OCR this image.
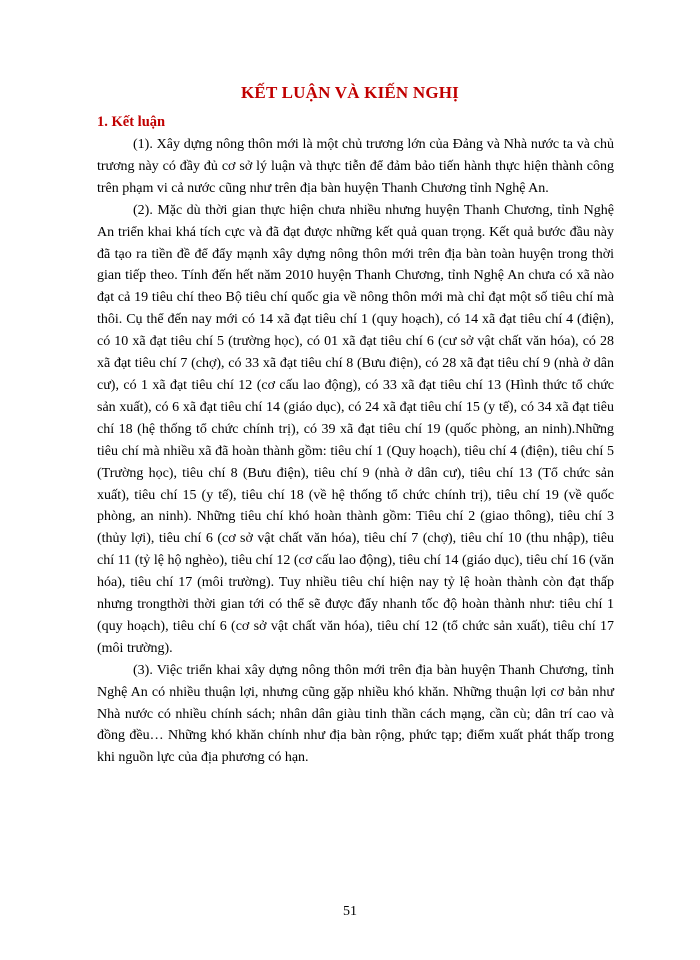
KẾT LUẬN VÀ KIẾN NGHỊ
1. Kết luận

(1). Xây dựng nông thôn mới là một chủ trương lớn của Đảng và Nhà nước ta và chủ trương này có đầy đủ cơ sở lý luận và thực tiễn để đảm bảo tiến hành thực hiện thành công trên phạm vi cả nước cũng như trên địa bàn huyện Thanh Chương tỉnh Nghệ An.

(2). Mặc dù thời gian thực hiện chưa nhiều nhưng huyện Thanh Chương, tỉnh Nghệ An triển khai khá tích cực và đã đạt được những kết quả quan trọng. Kết quả bước đầu này đã tạo ra tiền đề để đẩy mạnh xây dựng nông thôn mới trên địa bàn toàn huyện trong thời gian tiếp theo. Tính đến hết năm 2010 huyện Thanh Chương, tỉnh Nghệ An chưa có xã nào đạt cả 19 tiêu chí theo Bộ tiêu chí quốc gia về nông thôn mới mà chỉ đạt một số tiêu chí mà thôi. Cụ thể đến nay mới có 14 xã đạt tiêu chí 1 (quy hoạch), có 14 xã đạt tiêu chí 4 (điện), có 10 xã đạt tiêu chí 5 (trường học), có 01 xã đạt tiêu chí 6 (cư sở vật chất văn hóa), có 28 xã đạt tiêu chí 7 (chợ), có 33 xã đạt tiêu chí 8 (Bưu điện), có 28 xã đạt tiêu chí 9 (nhà ở dân cư), có 1 xã đạt tiêu chí 12 (cơ cấu lao động), có 33 xã đạt tiêu chí 13 (Hình thức tổ chức sản xuất), có 6 xã đạt tiêu chí 14 (giáo dục), có 24 xã đạt tiêu chí 15 (y tế), có 34 xã đạt tiêu chí 18 (hệ thống tổ chức chính trị), có 39 xã đạt tiêu chí 19 (quốc phòng, an ninh).Những tiêu chí mà nhiều xã đã hoàn thành gồm: tiêu chí 1 (Quy hoạch), tiêu chí 4 (điện), tiêu chí 5 (Trường học), tiêu chí 8 (Bưu điện), tiêu chí 9 (nhà ở dân cư), tiêu chí 13 (Tổ chức sản xuất), tiêu chí 15 (y tế), tiêu chí 18 (về hệ thống tổ chức chính trị), tiêu chí 19 (về quốc phòng, an ninh). Những tiêu chí khó hoàn thành gồm: Tiêu chí 2 (giao thông), tiêu chí 3 (thủy lợi), tiêu chí 6 (cơ sở vật chất văn hóa), tiêu chí 7 (chợ), tiêu chí 10 (thu nhập), tiêu chí 11 (tỷ lệ hộ nghèo), tiêu chí 12 (cơ cấu lao động), tiêu chí 14 (giáo dục), tiêu chí 16 (văn hóa), tiêu chí 17 (môi trường). Tuy nhiều tiêu chí hiện nay tỷ lệ hoàn thành còn đạt thấp nhưng trongthời thời gian tới có thể sẽ được đẩy nhanh tốc độ hoàn thành như: tiêu chí 1 (quy hoạch), tiêu chí 6 (cơ sở vật chất văn hóa), tiêu chí 12 (tổ chức sản xuất), tiêu chí 17 (môi trường).

(3). Việc triển khai xây dựng nông thôn mới trên địa bàn huyện Thanh Chương, tỉnh Nghệ An có nhiều thuận lợi, nhưng cũng gặp nhiều khó khăn. Những thuận lợi cơ bản như Nhà nước có nhiều chính sách; nhân dân giàu tinh thần cách mạng, cần cù; dân trí cao và đồng đều… Những khó khăn chính như địa bàn rộng, phức tạp; điểm xuất phát thấp trong khi nguồn lực của địa phương có hạn.

51
